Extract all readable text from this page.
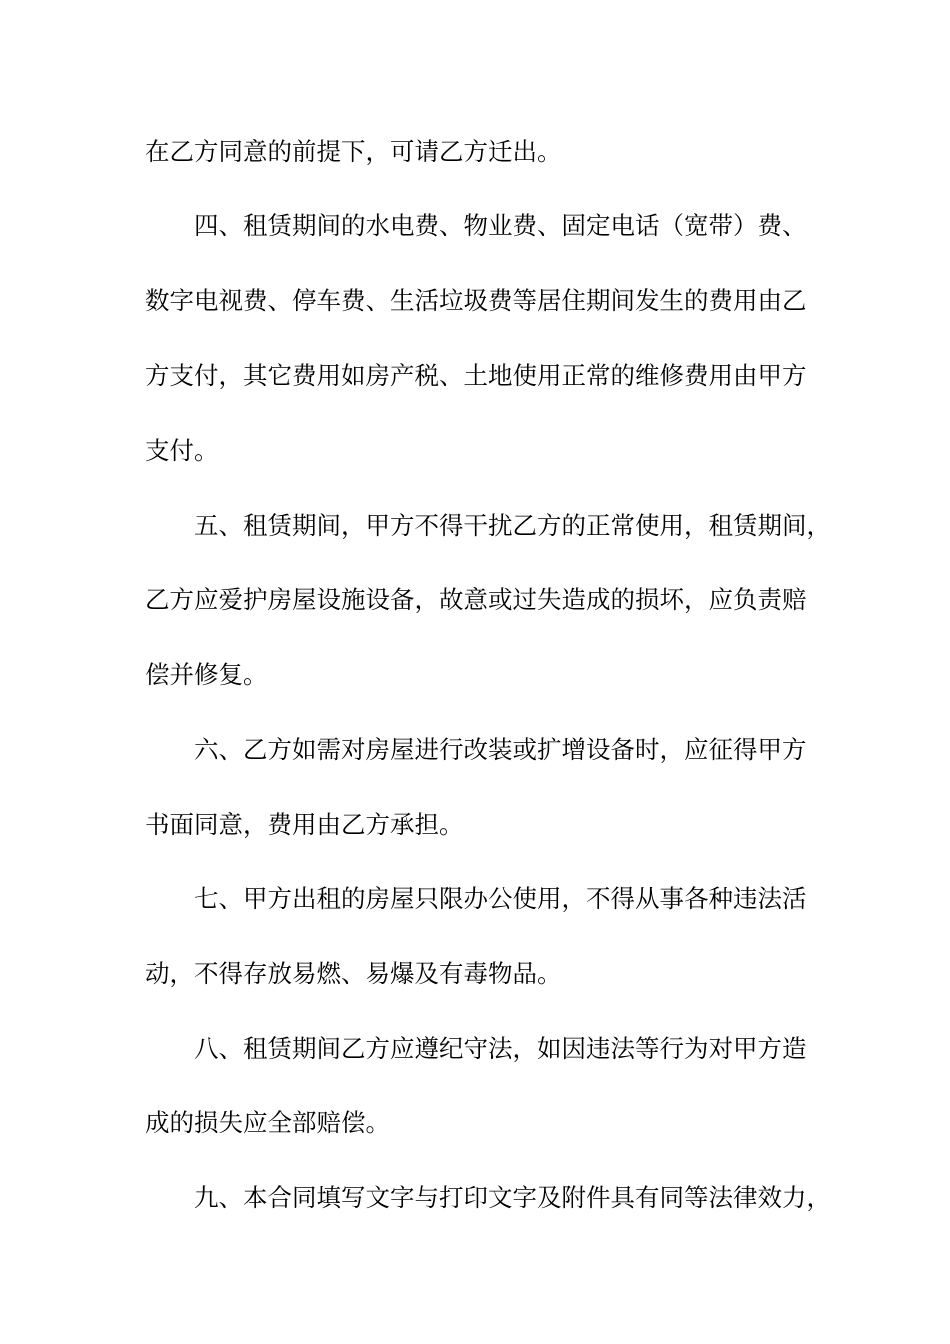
在乙方同意的前提下，可请乙方迁出。
四、租赁期间的水电费、物业费、固定电话（宽带）费、
数字电视费、停车费、生活垃圾费等居住期间发生的费用由乙
方支付，其它费用如房产税、土地使用正常的维修费用由甲方
支付。
五、租赁期间，甲方不得干扰乙方的正常使用，租赁期间，
乙方应爱护房屋设施设备，故意或过失造成的损坏，应负责赔
偿并修复。
六、乙方如需对房屋进行改装或扩增设备时，应征得甲方
书面同意，费用由乙方承担。
七、甲方出租的房屋只限办公使用，不得从事各种违法活
动，不得存放易燃、易爆及有毒物品。
八、租赁期间乙方应遵纪守法，如因违法等行为对甲方造
成的损失应全部赔偿。
九、本合同填写文字与打印文字及附件具有同等法律效力，
